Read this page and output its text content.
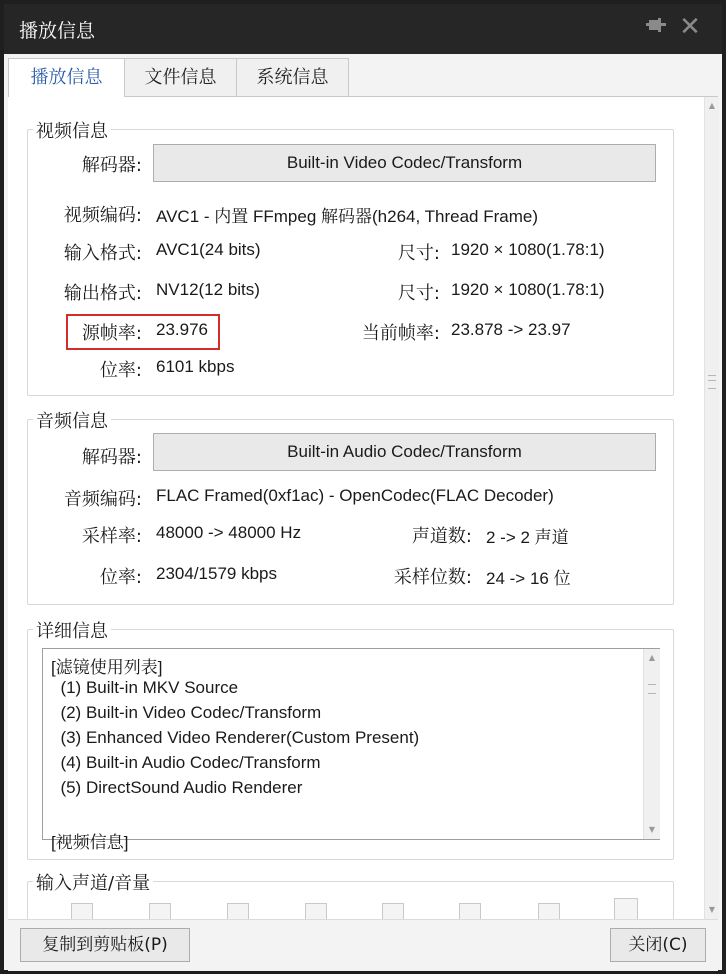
播放信息	✕
播放信息	文件信息	系统信息
视频信息
解码器:	Built-in Video Codec/Transform
视频编码: AVC1 - 内置 FFmpeg 解码器(h264, Thread Frame)
输入格式: AVC1(24 bits)	尺寸: 1920 × 1080(1.78:1)
输出格式: NV12(12 bits)	尺寸: 1920 × 1080(1.78:1)
源帧率: 23.976	当前帧率: 23.878 -> 23.97
位率: 6101 kbps
音频信息
解码器:	Built-in Audio Codec/Transform
音频编码: FLAC Framed(0xf1ac) - OpenCodec(FLAC Decoder)
采样率: 48000 -> 48000 Hz	声道数: 2 -> 2 声道
位率: 2304/1579 kbps	采样位数: 24 -> 16 位
详细信息
[滤镜使用列表]
(1) Built-in MKV Source
(2) Built-in Video Codec/Transform
(3) Enhanced Video Renderer(Custom Present)
(4) Built-in Audio Codec/Transform
(5) DirectSound Audio Renderer
[视频信息]
▲
▼
输入声道/音量
▲
▼
复制到剪贴板(P)	关闭(C)
